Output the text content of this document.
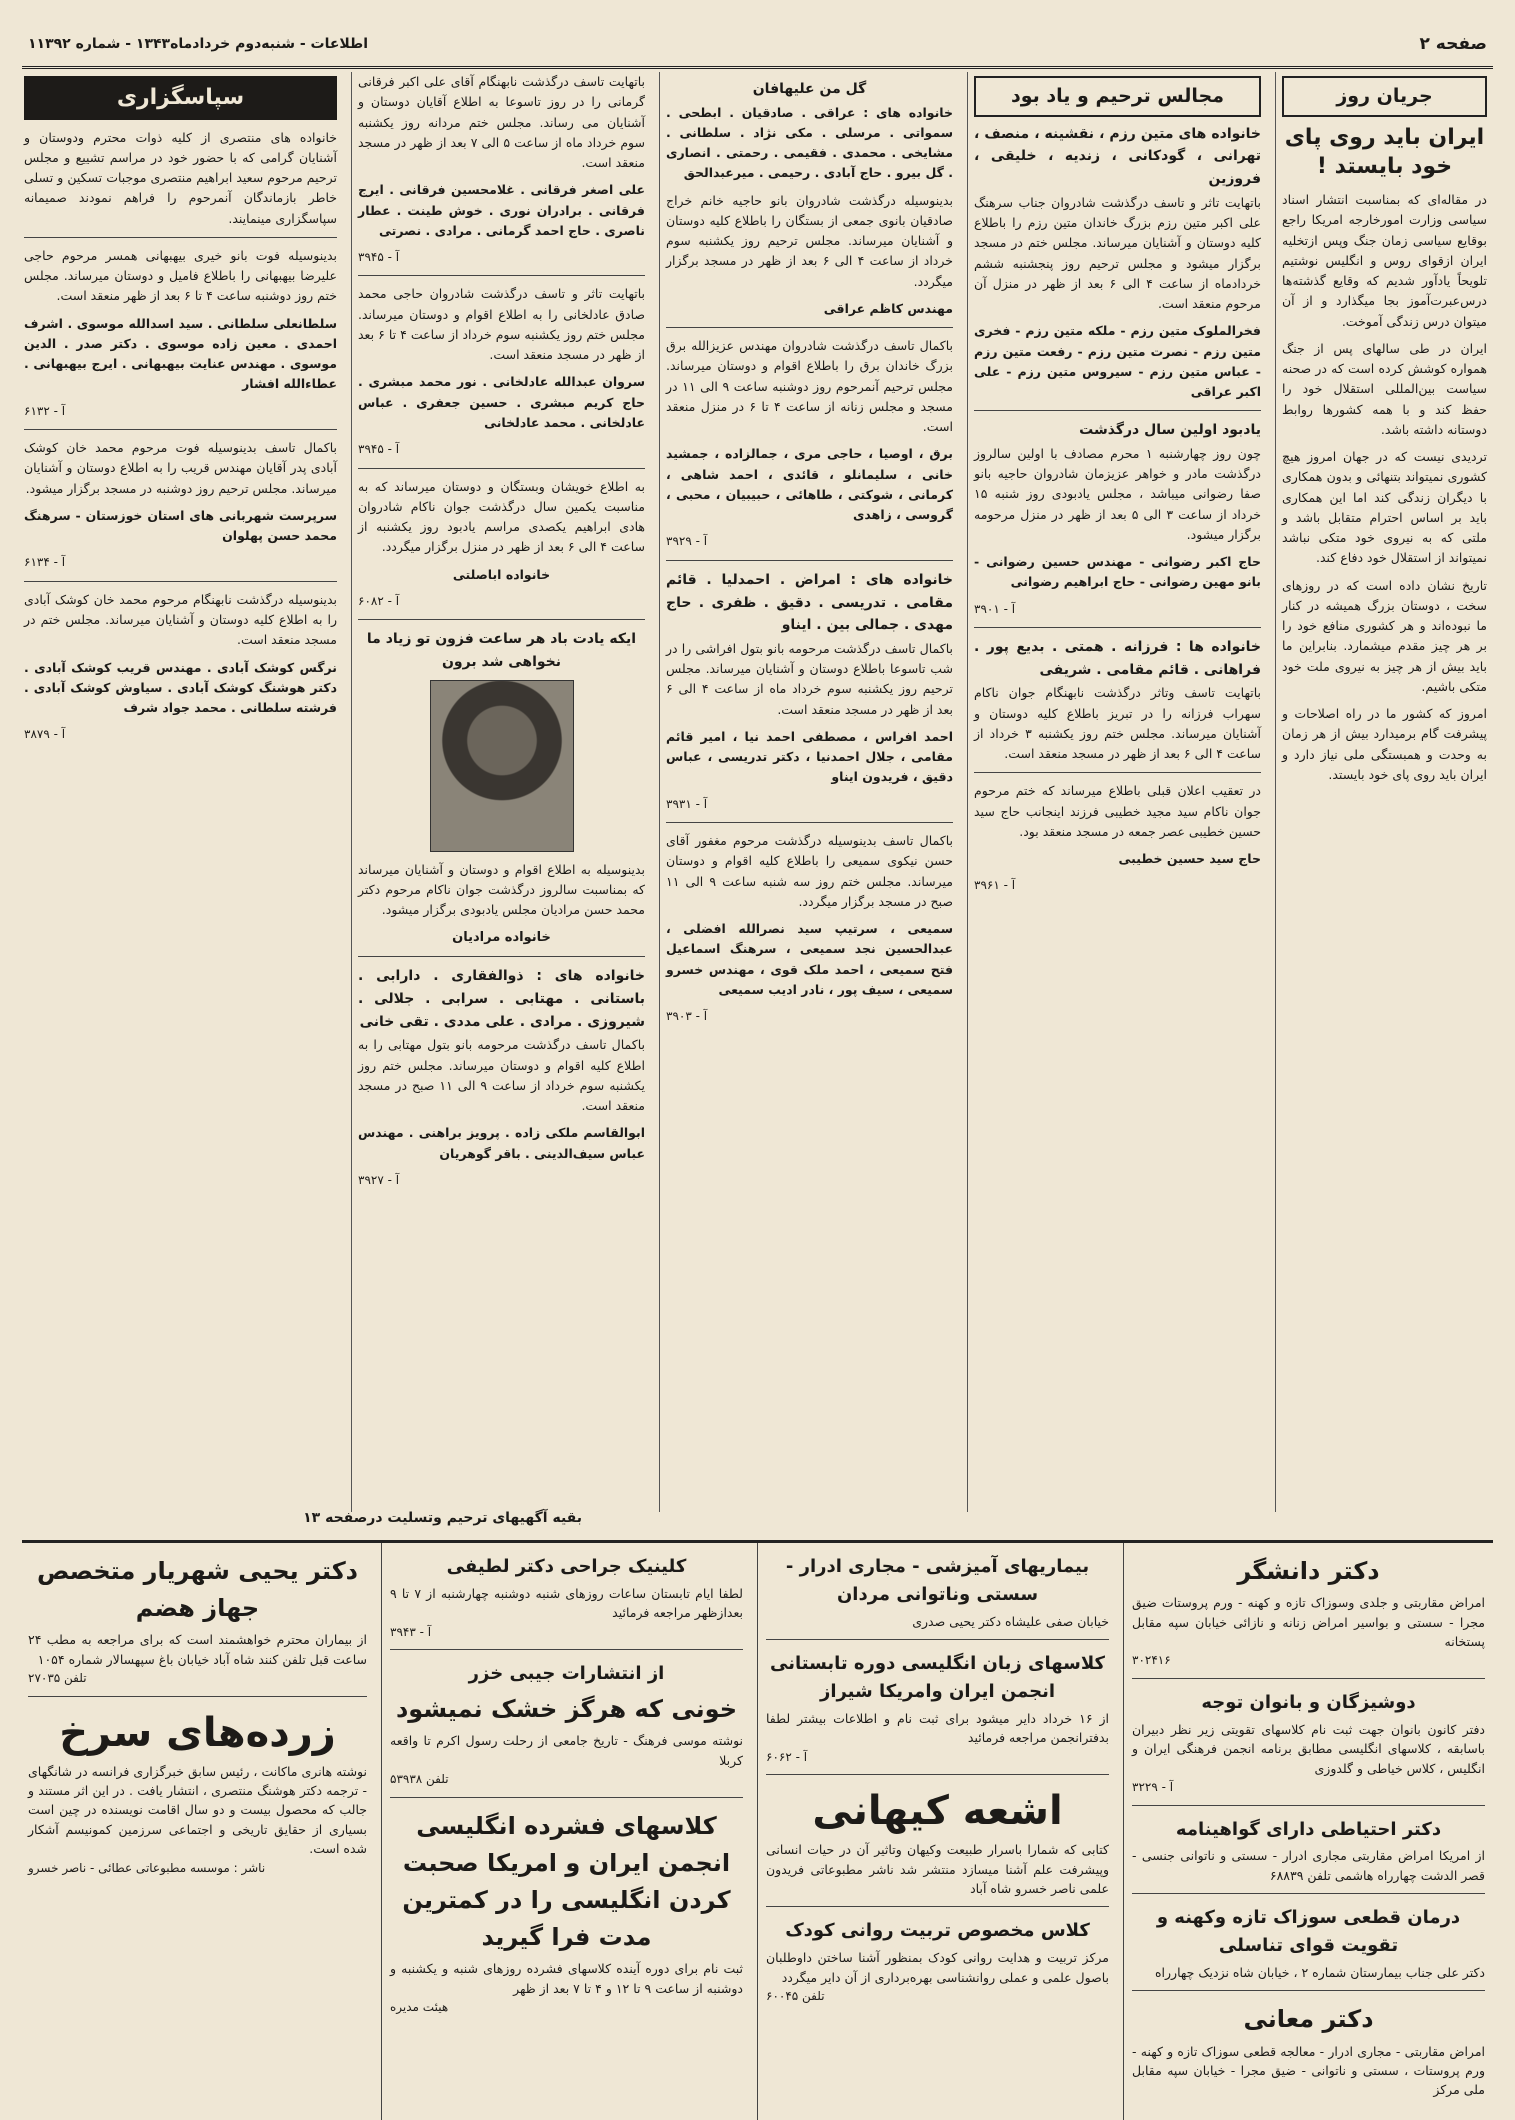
صفحه ۲
اطلاعات - شنبه‌دوم خردادماه۱۳۴۳ - شماره ۱۱۳۹۲
جریان روز
ایران باید روی پای خود بایستد !

در مقاله‌ای که بمناسبت انتشار اسناد سیاسی وزارت امورخارجه امریکا راجع بوقایع سیاسی زمان جنگ وپس ازتخلیه ایران ازقوای روس و انگلیس نوشتیم تلویحاً یادآور شدیم که وقایع گذشته‌ها درس‌عبرت‌آموز بجا میگذارد و از آن میتوان درس زندگی آموخت.

ایران در طی سالهای پس از جنگ همواره کوشش کرده است که در صحنه سیاست بین‌المللی استقلال خود را حفظ کند و با همه کشورها روابط دوستانه داشته باشد.

تردیدی نیست که در جهان امروز هیچ کشوری نمیتواند بتنهائی و بدون همکاری با دیگران زندگی کند اما این همکاری باید بر اساس احترام متقابل باشد و ملتی که به نیروی خود متکی نباشد نمیتواند از استقلال خود دفاع کند.

تاریخ نشان داده است که در روزهای سخت ، دوستان بزرگ همیشه در کنار ما نبوده‌اند و هر کشوری منافع خود را بر هر چیز مقدم میشمارد. بنابراین ما باید بیش از هر چیز به نیروی ملت خود متکی باشیم.

امروز که کشور ما در راه اصلاحات و پیشرفت گام برمیدارد بیش از هر زمان به وحدت و همبستگی ملی نیاز دارد و ایران باید روی پای خود بایستد.

مجالس ترحیم و یاد بود
خانواده های متین رزم ، نقشینه ، منصف ، تهرانی ، گودکانی ، زندیه ، خلیقی ، فروزین

باتهایت تاثر و تاسف درگذشت شادروان جناب سرهنگ علی اکبر متین رزم بزرگ خاندان متین رزم را باطلاع کلیه دوستان و آشنایان میرساند. مجلس ختم در مسجد برگزار میشود و مجلس ترحیم روز پنجشنبه ششم خردادماه از ساعت ۴ الی ۶ بعد از ظهر در منزل آن مرحوم منعقد است.

فخرالملوک متین رزم - ملکه متین رزم - فخری متین رزم - نصرت متین رزم - رفعت متین رزم - عباس متین رزم - سیروس متین رزم - علی اکبر عراقی

یادبود اولین سال درگذشت

چون روز چهارشنبه ۱ محرم مصادف با اولین سالروز درگذشت مادر و خواهر عزیزمان شادروان حاجیه بانو صفا رضوانی میباشد ، مجلس یادبودی روز شنبه ۱۵ خرداد از ساعت ۳ الی ۵ بعد از ظهر در منزل مرحومه برگزار میشود.

حاج اکبر رضوانی - مهندس حسین رضوانی - بانو مهین رضوانی - حاج ابراهیم رضوانی

آ - ۳۹۰۱
خانواده ها : فرزانه . همتی . بدیع پور . فراهانی . قائم مقامی . شریفی

باتهایت تاسف وتاثر درگذشت نابهنگام جوان ناکام سهراب فرزانه را در تبریز باطلاع کلیه دوستان و آشنایان میرساند. مجلس ختم روز یکشنبه ۳ خرداد از ساعت ۴ الی ۶ بعد از ظهر در مسجد منعقد است.

در تعقیب اعلان قبلی باطلاع میرساند که ختم مرحوم جوان ناکام سید مجید خطیبی فرزند اینجانب حاج سید حسین خطیبی عصر جمعه در مسجد منعقد بود.

حاج سید حسین خطیبی

آ - ۳۹۶۱
گل من علیهافان

خانواده های : عراقی . صادقیان . ابطحی . سمواتی . مرسلی . مکی نژاد . سلطانی . مشایخی . محمدی . فقیمی . رحمتی . انصاری . گل بیرو . حاج آبادی . رحیمی . میرعبدالحق

بدینوسیله درگذشت شادروان بانو حاجیه خانم خراج صادقیان بانوی جمعی از بستگان را باطلاع کلیه دوستان و آشنایان میرساند. مجلس ترحیم روز یکشنبه سوم خرداد از ساعت ۴ الی ۶ بعد از ظهر در مسجد برگزار میگردد.

مهندس کاظم عراقی

باکمال تاسف درگذشت شادروان مهندس عزیزالله برق بزرگ خاندان برق را باطلاع اقوام و دوستان میرساند. مجلس ترحیم آنمرحوم روز دوشنبه ساعت ۹ الی ۱۱ در مسجد و مجلس زنانه از ساعت ۴ تا ۶ در منزل منعقد است.

برق ، اوصیا ، حاجی مری ، جمالزاده ، جمشید خانی ، سلیمانلو ، قائدی ، احمد شاهی ، کرمانی ، شوکتی ، طاهائی ، حبیبیان ، محبی ، گروسی ، زاهدی

آ - ۳۹۲۹
خانواده های : امراض . احمدلیا . قائم مقامی . تدریسی . دقیق . ظفری . حاج مهدی . جمالی بین . ایناو

باکمال تاسف درگذشت مرحومه بانو بتول افراشی را در شب تاسوعا باطلاع دوستان و آشنایان میرساند. مجلس ترحیم روز یکشنبه سوم خرداد ماه از ساعت ۴ الی ۶ بعد از ظهر در مسجد منعقد است.

احمد افراس ، مصطفی احمد نیا ، امیر قائم مقامی ، جلال احمدنیا ، دکتر تدریسی ، عباس دقیق ، فریدون ایناو

آ - ۳۹۳۱

باکمال تاسف بدینوسیله درگذشت مرحوم مغفور آقای حسن نیکوی سمیعی را باطلاع کلیه اقوام و دوستان میرساند. مجلس ختم روز سه شنبه ساعت ۹ الی ۱۱ صبح در مسجد برگزار میگردد.

سمیعی ، سرتیپ سید نصرالله افضلی ، عبدالحسین نجد سمیعی ، سرهنگ اسماعیل فتح سمیعی ، احمد ملک قوی ، مهندس خسرو سمیعی ، سیف پور ، نادر ادیب سمیعی

آ - ۳۹۰۳

باتهایت تاسف درگذشت نابهنگام آقای علی اکبر فرقانی گرمانی را در روز تاسوعا به اطلاع آقایان دوستان و آشنایان می رساند. مجلس ختم مردانه روز یکشنبه سوم خرداد ماه از ساعت ۵ الی ۷ بعد از ظهر در مسجد منعقد است.

علی اصغر فرقانی . غلامحسین فرقانی . ایرج فرقانی . برادران نوری . خوش طینت . عطار ناصری . حاج احمد گرمانی . مرادی . نصرتی

آ - ۳۹۴۵

باتهایت تاثر و تاسف درگذشت شادروان حاجی محمد صادق عادلخانی را به اطلاع اقوام و دوستان میرساند. مجلس ختم روز یکشنبه سوم خرداد از ساعت ۴ تا ۶ بعد از ظهر در مسجد منعقد است.

سروان عبدالله عادلخانی . نور محمد مبشری . حاج کریم مبشری . حسین جعفری . عباس عادلخانی . محمد عادلخانی

آ - ۳۹۴۵

به اطلاع خویشان وبستگان و دوستان میرساند که به مناسبت یکمین سال درگذشت جوان ناکام شادروان هادی ابراهیم یکصدی مراسم یادبود روز یکشنبه از ساعت ۴ الی ۶ بعد از ظهر در منزل برگزار میگردد.

خانواده اباصلتی

آ - ۶۰۸۲
ایکه یادت باد هر ساعت فزون تو زیاد ما نخواهی شد برون

بدینوسیله به اطلاع اقوام و دوستان و آشنایان میرساند که بمناسبت سالروز درگذشت جوان ناکام مرحوم دکتر محمد حسن مرادیان مجلس یادبودی برگزار میشود.

خانواده مرادیان
خانواده های : ذوالفقاری . دارابی . باستانی . مهتابی . سرابی . جلالی . شیروزی . مرادی . علی مددی . تقی خانی

باکمال تاسف درگذشت مرحومه بانو بتول مهتابی را به اطلاع کلیه اقوام و دوستان میرساند. مجلس ختم روز یکشنبه سوم خرداد از ساعت ۹ الی ۱۱ صبح در مسجد منعقد است.

ابوالقاسم ملکی زاده . پرویز براهنی . مهندس عباس سیف‌الدینی . باقر گوهریان

آ - ۳۹۲۷
سپاسگزاری

خانواده های منتصری از کلیه ذوات محترم ودوستان و آشنایان گرامی که با حضور خود در مراسم تشییع و مجلس ترحیم مرحوم سعید ابراهیم منتصری موجبات تسکین و تسلی خاطر بازماندگان آنمرحوم را فراهم نمودند صمیمانه سپاسگزاری مینمایند.

بدینوسیله فوت بانو خیری بیهبهانی همسر مرحوم حاجی علیرضا بیهبهانی را باطلاع فامیل و دوستان میرساند. مجلس ختم روز دوشنبه ساعت ۴ تا ۶ بعد از ظهر منعقد است.

سلطانعلی سلطانی . سید اسدالله موسوی . اشرف احمدی . معین زاده موسوی . دکتر صدر . الدین موسوی . مهندس عنایت بیهبهانی . ایرج بیهبهانی . عطاءالله افشار

آ - ۶۱۳۲

باکمال تاسف بدینوسیله فوت مرحوم محمد خان کوشک آبادی پدر آقایان مهندس قریب را به اطلاع دوستان و آشنایان میرساند. مجلس ترحیم روز دوشنبه در مسجد برگزار میشود.

سرپرست شهربانی های استان خوزستان - سرهنگ محمد حسن پهلوان

آ - ۶۱۳۴

بدینوسیله درگذشت نابهنگام مرحوم محمد خان کوشک آبادی را به اطلاع کلیه دوستان و آشنایان میرساند. مجلس ختم در مسجد منعقد است.

نرگس کوشک آبادی . مهندس قریب کوشک آبادی . دکتر هوشنگ کوشک آبادی . سیاوش کوشک آبادی . فرشته سلطانی . محمد جواد شرف

آ - ۳۸۷۹
بقیه آگهیهای ترحیم وتسلیت درصفحه ۱۳
دکتر دانشگر
امراض مقاربتی و جلدی وسوزاک تازه و کهنه - ورم پروستات ضیق مجرا - سستی و بواسیر امراض زنانه و نازائی خیابان سپه مقابل پستخانه
۳۰۲۴۱۶
دوشیزگان و بانوان توجه
دفتر کانون بانوان جهت ثبت نام کلاسهای تقویتی زیر نظر دبیران باسابقه ، کلاسهای انگلیسی مطابق برنامه انجمن فرهنگی ایران و انگلیس ، کلاس خیاطی و گلدوزی
آ - ۳۲۲۹
دکتر احتیاطی دارای گواهینامه
از امریکا امراض مقاربتی مجاری ادرار - سستی و ناتوانی جنسی - قصر الدشت چهارراه هاشمی تلفن ۶۸۸۳۹
درمان قطعی سوزاک تازه وکهنه و تقویت قوای تناسلی
دکتر علی جناب بیمارستان شماره ۲ ، خیابان شاه نزدیک چهارراه
دکتر معانی
امراض مقاربتی - مجاری ادرار - معالجه قطعی سوزاک تازه و کهنه - ورم پروستات ، سستی و ناتوانی - ضیق مجرا - خیابان سپه مقابل ملی مرکز
بیماریهای آمیزشی - مجاری ادرار - سستی وناتوانی مردان
خیابان صفی علیشاه دکتر یحیی صدری
کلاسهای زبان انگلیسی دوره تابستانی انجمن ایران وامریکا شیراز
از ۱۶ خرداد دایر میشود برای ثبت نام و اطلاعات بیشتر لطفا بدفترانجمن مراجعه فرمائید
آ - ۶۰۶۲
اشعه کیهانی
کتابی که شمارا باسرار طبیعت وکیهان وتاثیر آن در حیات انسانی وپیشرفت علم آشنا میسازد منتشر شد ناشر مطبوعاتی فریدون علمی ناصر خسرو شاه آباد
کلاس مخصوص تربیت روانی کودک
مرکز تربیت و هدایت روانی کودک بمنظور آشنا ساختن داوطلبان باصول علمی و عملی روانشناسی بهره‌برداری از آن دایر میگردد
تلفن ۶۰۰۴۵
کلینیک جراحی دکتر لطیفی
لطفا ایام تابستان ساعات روزهای شنبه دوشنبه چهارشنبه از ۷ تا ۹ بعدازظهر مراجعه فرمائید
آ - ۳۹۴۳
از انتشارات جیبی خزر
خونی که هرگز خشک نمیشود
نوشته موسی فرهنگ - تاریخ جامعی از رحلت رسول اکرم تا واقعه کربلا
تلفن ۵۳۹۳۸
کلاسهای فشرده انگلیسی انجمن ایران و امریکا صحبت کردن انگلیسی را در کمترین مدت فرا گیرید
ثبت نام برای دوره آینده کلاسهای فشرده روزهای شنبه و یکشنبه و دوشنبه از ساعت ۹ تا ۱۲ و ۴ تا ۷ بعد از ظهر
هیئت مدیره
دکتر یحیی شهریار متخصص جهاز هضم
از بیماران محترم خواهشمند است که برای مراجعه به مطب ۲۴ ساعت قبل تلفن کنند شاه آباد خیابان باغ سپهسالار شماره ۱۰۵۴
تلفن ۲۷۰۳۵
زرده‌های سرخ
نوشته هانری ماکانت ، رئیس سابق خبرگزاری فرانسه در شانگهای - ترجمه دکتر هوشنگ منتصری ، انتشار یافت . در این اثر مستند و جالب که محصول بیست و دو سال اقامت نویسنده در چین است بسیاری از حقایق تاریخی و اجتماعی سرزمین کمونیسم آشکار شده است.
ناشر : موسسه مطبوعاتی عطائی - ناصر خسرو
